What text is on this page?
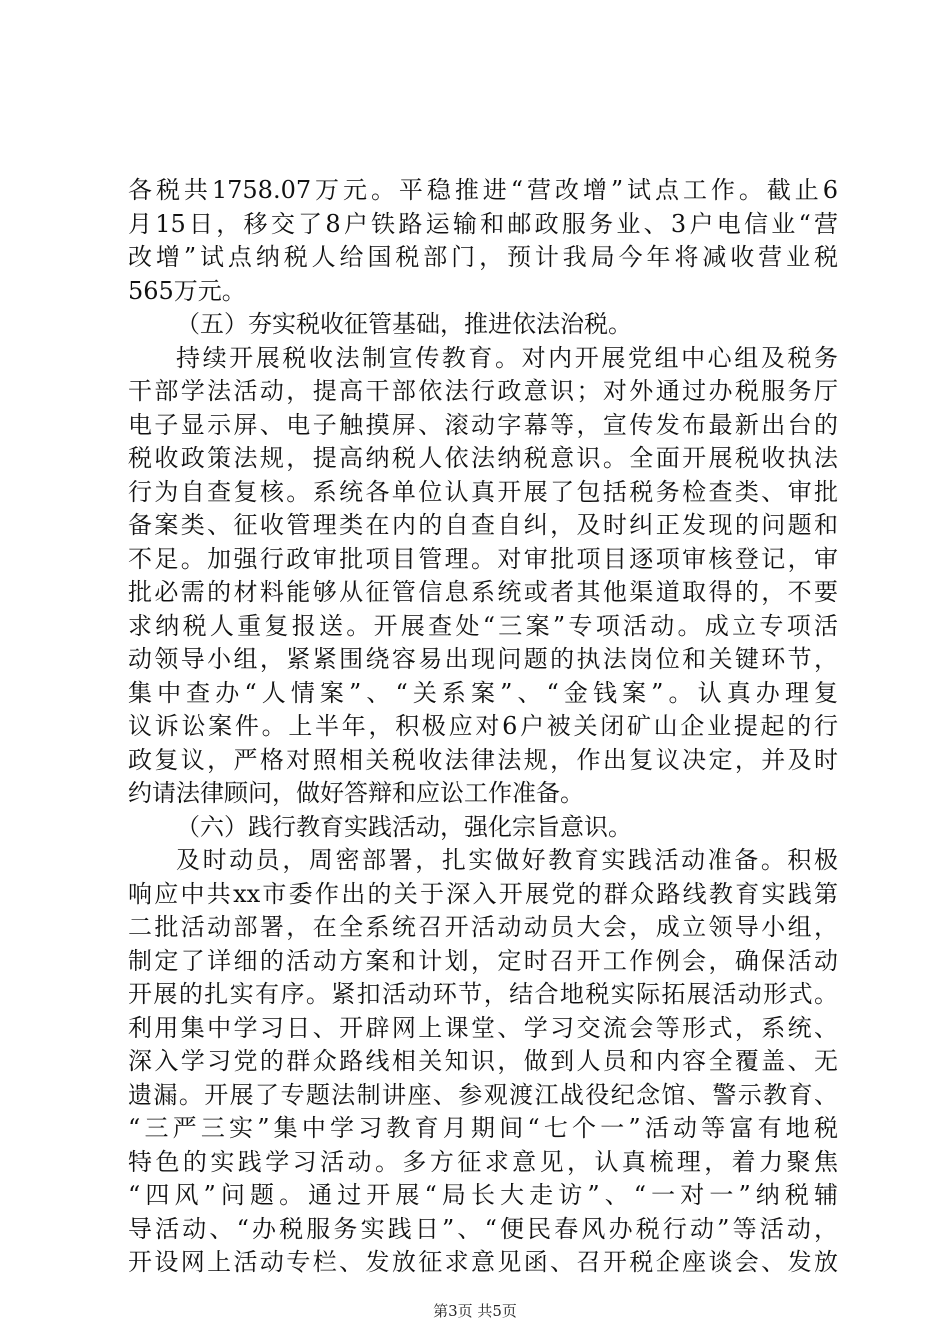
各税共1758.07万元。平稳推进“营改增”试点工作。截止6
月15日，移交了8户铁路运输和邮政服务业、3户电信业“营
改增”试点纳税人给国税部门，预计我局今年将减收营业税
565万元。
（五）夯实税收征管基础，推进依法治税。
持续开展税收法制宣传教育。对内开展党组中心组及税务
干部学法活动，提高干部依法行政意识；对外通过办税服务厅
电子显示屏、电子触摸屏、滚动字幕等，宣传发布最新出台的
税收政策法规，提高纳税人依法纳税意识。全面开展税收执法
行为自查复核。系统各单位认真开展了包括税务检查类、审批
备案类、征收管理类在内的自查自纠，及时纠正发现的问题和
不足。加强行政审批项目管理。对审批项目逐项审核登记，审
批必需的材料能够从征管信息系统或者其他渠道取得的，不要
求纳税人重复报送。开展查处“三案”专项活动。成立专项活
动领导小组，紧紧围绕容易出现问题的执法岗位和关键环节，
集中查办“人情案”、“关系案”、“金钱案”。认真办理复
议诉讼案件。上半年，积极应对6户被关闭矿山企业提起的行
政复议，严格对照相关税收法律法规，作出复议决定，并及时
约请法律顾问，做好答辩和应讼工作准备。
（六）践行教育实践活动，强化宗旨意识。
及时动员，周密部署，扎实做好教育实践活动准备。积极
响应中共xx市委作出的关于深入开展党的群众路线教育实践第
二批活动部署，在全系统召开活动动员大会，成立领导小组，
制定了详细的活动方案和计划，定时召开工作例会，确保活动
开展的扎实有序。紧扣活动环节，结合地税实际拓展活动形式。
利用集中学习日、开辟网上课堂、学习交流会等形式，系统、
深入学习党的群众路线相关知识，做到人员和内容全覆盖、无
遗漏。开展了专题法制讲座、参观渡江战役纪念馆、警示教育、
“三严三实”集中学习教育月期间“七个一”活动等富有地税
特色的实践学习活动。多方征求意见，认真梳理，着力聚焦
“四风”问题。通过开展“局长大走访”、“一对一”纳税辅
导活动、“办税服务实践日”、“便民春风办税行动”等活动，
开设网上活动专栏、发放征求意见函、召开税企座谈会、发放
第3页 共5页
